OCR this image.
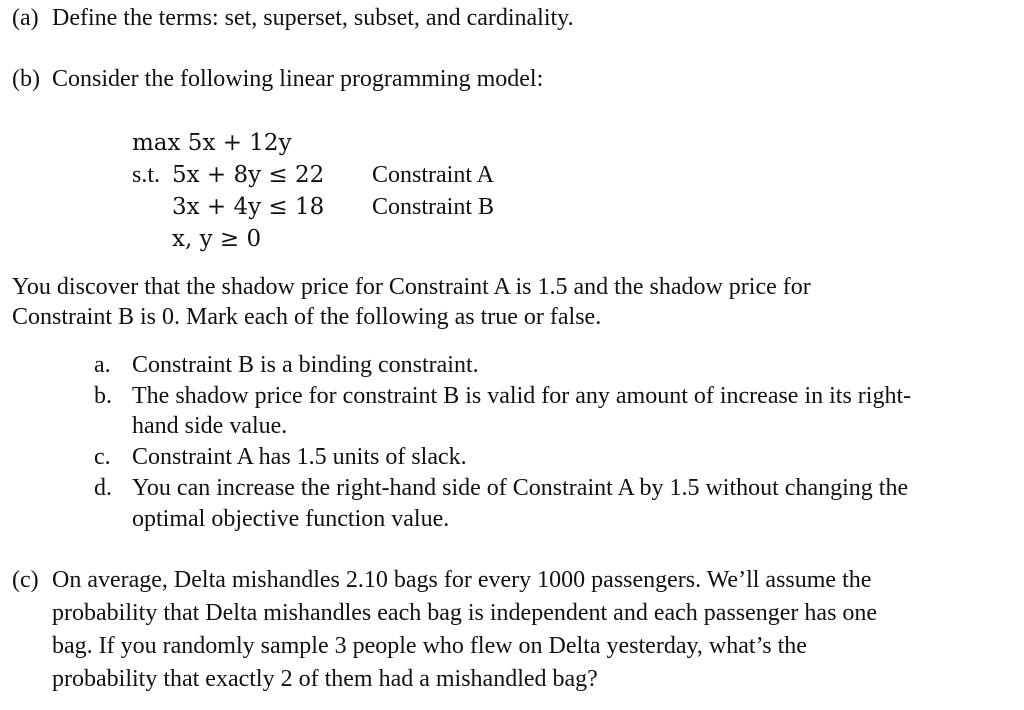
(a) Define the terms: set, superset, subset, and cardinality.
(b) Consider the following linear programming model:
max 5x + 12y
s.t. 5x + 8y ≤ 22 Constraint A
3x + 4y ≤ 18 Constraint B
x, y ≥ 0
You discover that the shadow price for Constraint A is 1.5 and the shadow price for
Constraint B is 0. Mark each of the following as true or false.
a. Constraint B is a binding constraint.
b. The shadow price for constraint B is valid for any amount of increase in its right-
hand side value.
c. Constraint A has 1.5 units of slack.
d. You can increase the right-hand side of Constraint A by 1.5 without changing the
optimal objective function value.
(c) On average, Delta mishandles 2.10 bags for every 1000 passengers. We’ll assume the
probability that Delta mishandles each bag is independent and each passenger has one
bag. If you randomly sample 3 people who flew on Delta yesterday, what’s the
probability that exactly 2 of them had a mishandled bag?
